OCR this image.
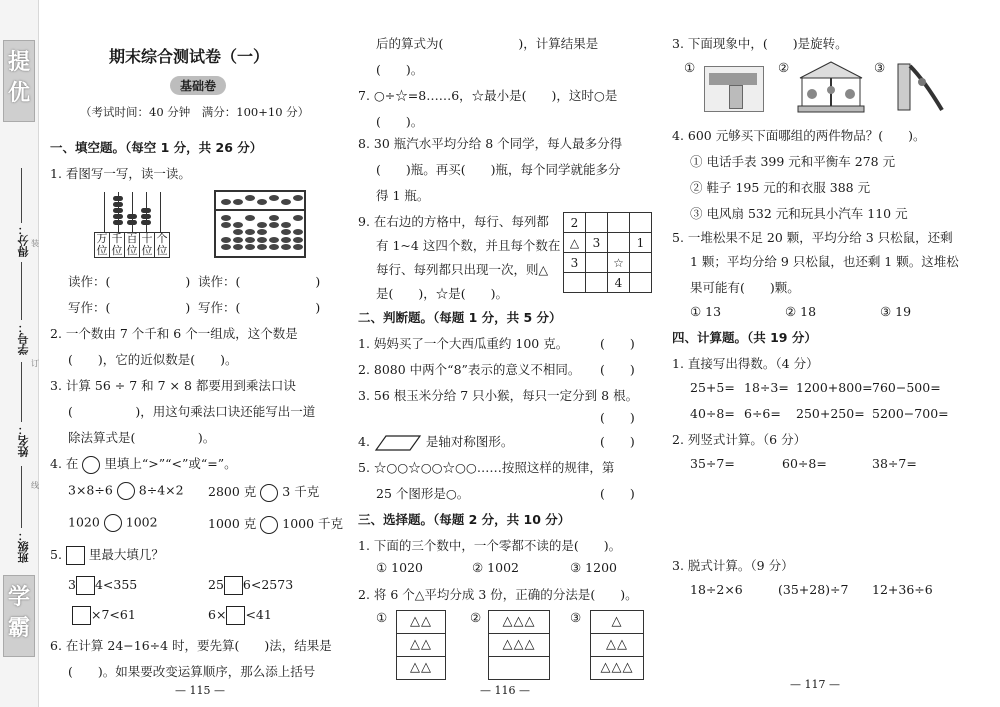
提优
学霸
得分：
学号：
姓名：
班级：
装
订
线
期末综合测试卷（一）
基础卷
（考试时间：40 分钟　满分：100+10 分）
一、填空题。（每空 1 分，共 26 分）
1. 看图写一写，读一读。
万位
千位
百位
十位
个位
读作：(　　　　　　) 读作：(　　　　　　)
写作：(　　　　　　) 写作：(　　　　　　)
2. 一个数由 7 个千和 6 个一组成，这个数是
(　　)，它的近似数是(　　)。
3. 计算 56 ÷ 7 和 7 × 8 都要用到乘法口诀
(　　　　　)，用这句乘法口诀还能写出一道
除法算式是(　　　　　)。
4. 在 里填上“>”“<”或“=”。
3×8÷6 8÷4×2 2800 克 3 千克
1020 1002	1000 克 1000 千克
5. 里最大填几？
3 4<355	25 6<2573
×7<61	6× <41
6. 在计算 24−16÷4 时，要先算(　　)法，结果是
(　　)。如果要改变运算顺序，那么添上括号
— 115 —
后的算式为(　　　　　　)，计算结果是
(　　)。
7. ○÷☆=8……6，☆最小是(　　)，这时○是
(　　)。
8. 30 瓶汽水平均分给 8 个同学，每人最多分得
(　　)瓶。再买(　　)瓶，每个同学就能多分
得 1 瓶。
9. 在右边的方格中，每行、每列都
有 1~4 这四个数，并且每个数在
每行、每列都只出现一次，则△
是(　　)，☆是(　　)。
2			
△	3		1
3		☆	
		4	
二、判断题。（每题 1 分，共 5 分）
1. 妈妈买了一个大西瓜重约 100 克。	(　　)
2. 8080 中两个“8”表示的意义不相同。 (　　)
3. 56 根玉米分给 7 只小猴，每只一定分到 8 根。
(　　)
4.	是轴对称图形。	(　　)
5. ☆○○☆○○☆○○……按照这样的规律，第
25 个图形是○。	(　　)
三、选择题。（每题 2 分，共 10 分）
1. 下面的三个数中，一个零都不读的是(　　)。
① 1020	② 1002	③ 1200
2. 将 6 个△平均分成 3 份，正确的分法是(　　)。
①	△△
△△
△△
②	△△△
△△△
③	△
△△
△△△
— 116 —
3. 下面现象中，(　　)是旋转。
①	②	③
4. 600 元够买下面哪组的两件物品？(　　)。
① 电话手表 399 元和平衡车 278 元
② 鞋子 195 元的和衣服 388 元
③ 电风扇 532 元和玩具小汽车 110 元
5. 一堆松果不足 20 颗，平均分给 3 只松鼠，还剩
1 颗；平均分给 9 只松鼠，也还剩 1 颗。这堆松
果可能有(　　)颗。
① 13	② 18	③ 19
四、计算题。（共 19 分）
1. 直接写出得数。（4 分）
25+5= 18÷3= 1200+800= 760−500=
40÷8= 6÷6= 250+250= 5200−700=
2. 列竖式计算。（6 分）
35÷7=	60÷8=	38÷7=
3. 脱式计算。（9 分）
18÷2×6	(35+28)÷7 12+36÷6
— 117 —
